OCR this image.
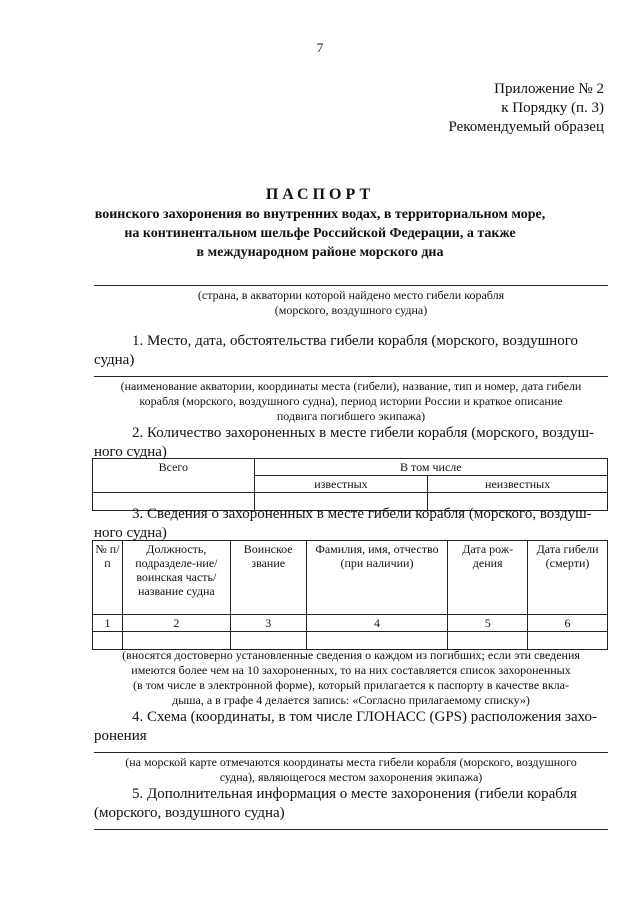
7
Приложение № 2
к Порядку (п. 3)
Рекомендуемый образец
ПАСПОРТ
воинского захоронения во внутренних водах, в территориальном море,
на континентальном шельфе Российской Федерации, а также
в международном районе морского дна
(страна, в акватории которой найдено место гибели корабля
(морского, воздушного судна)
1. Место, дата, обстоятельства гибели корабля (морского, воздушного
судна)
(наименование акватории, координаты места (гибели), название, тип и номер, дата гибели
корабля (морского, воздушного судна), период истории России и краткое описание
подвига погибшего экипажа)
2. Количество захороненных в месте гибели корабля (морского, воздуш-
ного судна)
Всего	В том числе	
	известных	неизвестных

3. Сведения о захороненных в месте гибели корабля (морского, воздуш-
ного судна)
№ п/п	Должность, подразделе-ние/воинская часть/название судна	Воинское звание	Фамилия, имя, отчество (при наличии)	Дата рож-дения	Дата гибели (смерти)
1	2	3	4	5	6

(вносятся достоверно установленные сведения о каждом из погибших; если эти сведения
имеются более чем на 10 захороненных, то на них составляется список захороненных
(в том числе в электронной форме), который прилагается к паспорту в качестве вкла-
дыша, а в графе 4 делается запись: «Согласно прилагаемому списку»)
4. Схема (координаты, в том числе ГЛОНАСС (GPS) расположения захо-
ронения
(на морской карте отмечаются координаты места гибели корабля (морского, воздушного
судна), являющегося местом захоронения экипажа)
5. Дополнительная информация о месте захоронения (гибели корабля
(морского, воздушного судна)
